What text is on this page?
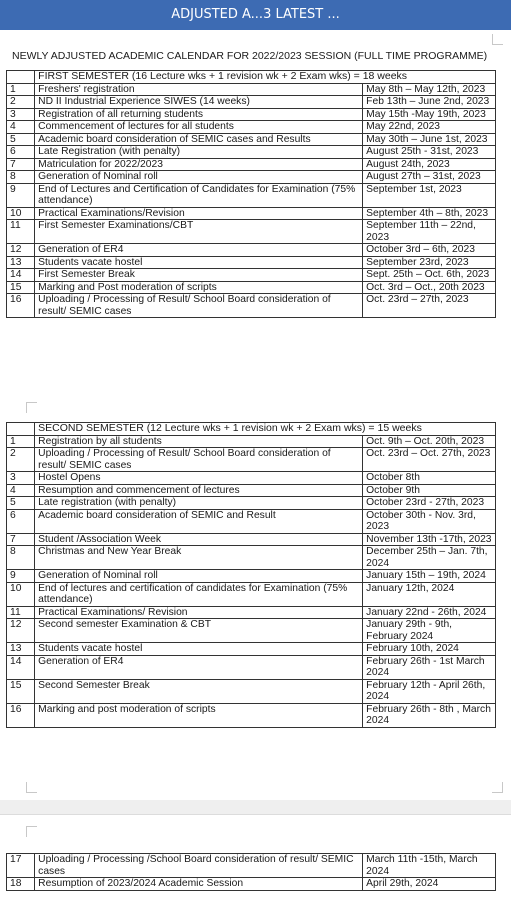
ADJUSTED A...3 LATEST ...
NEWLY ADJUSTED ACADEMIC CALENDAR FOR 2022/2023 SESSION (FULL TIME PROGRAMME)
	FIRST SEMESTER (16 Lecture wks + 1 revision wk + 2 Exam wks) = 18 weeks	
1	Freshers' registration	May 8th – May 12th, 2023
2	ND II Industrial Experience SIWES (14 weeks)	Feb 13th – June 2nd, 2023
3	Registration of all returning students	May 15th -May 19th, 2023
4	Commencement of lectures for all students	May 22nd, 2023
5	Academic board consideration of SEMIC cases and Results	May 30th – June 1st, 2023
6	Late Registration (with penalty)	August 25th - 31st, 2023
7	Matriculation for 2022/2023	August 24th, 2023
8	Generation of Nominal roll	August 27th – 31st, 2023
9	End of Lectures and Certification of Candidates for Examination (75% attendance)	September 1st, 2023
10	Practical Examinations/Revision	September 4th – 8th, 2023
11	First Semester Examinations/CBT	September 11th – 22nd, 2023
12	Generation of ER4	October 3rd – 6th, 2023
13	Students vacate hostel	September 23rd, 2023
14	First Semester Break	Sept. 25th – Oct. 6th, 2023
15	Marking and Post moderation of scripts	Oct. 3rd – Oct., 20th 2023
16	Uploading / Processing of Result/ School Board consideration of result/ SEMIC cases	Oct. 23rd – 27th, 2023
	SECOND SEMESTER (12 Lecture wks + 1 revision wk + 2 Exam wks) = 15 weeks	
1	Registration by all students	Oct. 9th – Oct. 20th, 2023
2	Uploading / Processing of Result/ School Board consideration of result/ SEMIC cases	Oct. 23rd – Oct. 27th, 2023
3	Hostel Opens	October 8th
4	Resumption and commencement of lectures	October 9th
5	Late registration (with penalty)	October 23rd - 27th, 2023
6	Academic board consideration of SEMIC and Result	October 30th - Nov. 3rd, 2023
7	Student /Association Week	November 13th -17th, 2023
8	Christmas and New Year Break	December 25th – Jan. 7th, 2024
9	Generation of Nominal roll	January 15th – 19th, 2024
10	End of lectures and certification of candidates for Examination (75% attendance)	January 12th, 2024
11	Practical Examinations/ Revision	January 22nd - 26th, 2024
12	Second semester Examination & CBT	January 29th - 9th, February 2024
13	Students vacate hostel	February 10th, 2024
14	Generation of ER4	February 26th - 1st March 2024
15	Second Semester Break	February 12th - April 26th, 2024
16	Marking and post moderation of scripts	February 26th - 8th , March 2024
17	Uploading / Processing /School Board consideration of result/ SEMIC cases	March 11th -15th, March 2024
18	Resumption of 2023/2024 Academic Session	April 29th, 2024
